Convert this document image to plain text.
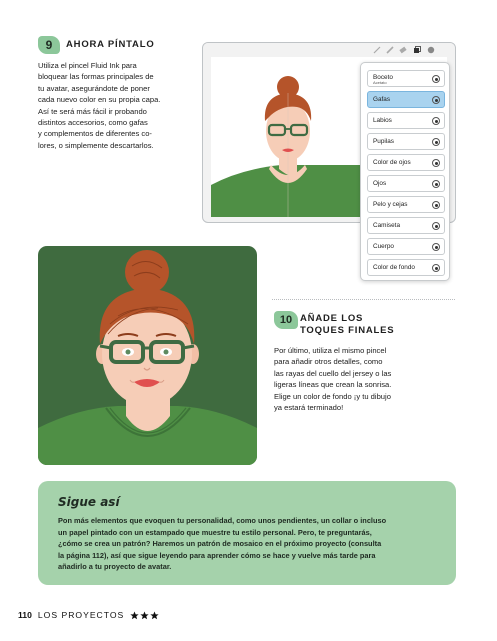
9	AHORA PÍNTALO
Utiliza el pincel Fluid Ink para
bloquear las formas principales de
tu avatar, asegurándote de poner
cada nuevo color en su propia capa.
Así te será más fácil ir probando
distintos accesorios, como gafas
y complementos de diferentes co-
lores, o simplemente descartarlos.
Boceto
Acetato
Gafas
Labios
Pupilas
Color de ojos
Ojos
Pelo y cejas
Camiseta
Cuerpo
Color de fondo
10 AÑADE LOS
TOQUES FINALES
Por último, utiliza el mismo pincel
para añadir otros detalles, como
las rayas del cuello del jersey o las
ligeras líneas que crean la sonrisa.
Elige un color de fondo ¡y tu dibujo
ya estará terminado!
Sigue así
Pon más elementos que evoquen tu personalidad, como unos pendientes, un collar o incluso
un papel pintado con un estampado que muestre tu estilo personal. Pero, te preguntarás,
¿cómo se crea un patrón? Haremos un patrón de mosaico en el próximo proyecto (consulta
la página 112), así que sigue leyendo para aprender cómo se hace y vuelve más tarde para
añadirlo a tu proyecto de avatar.
110 LOS PROYECTOS
